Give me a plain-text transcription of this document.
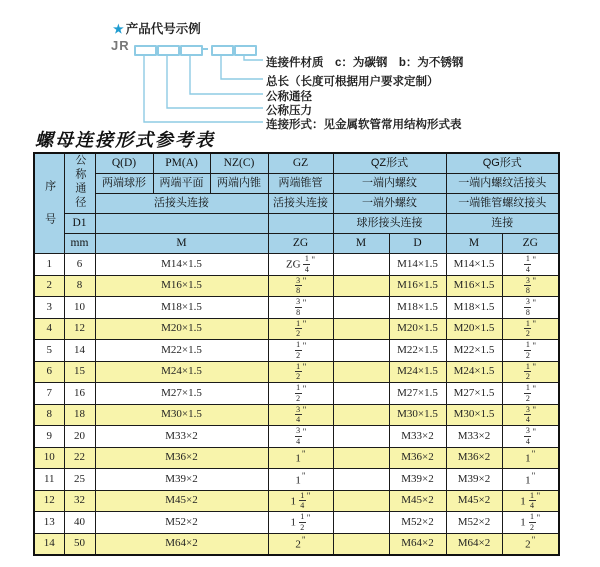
★ 产品代号示例
JR
连接件材质　c：为碳钢　b：为不锈钢
总长（长度可根据用户要求定制）
公称通径
公称压力
连接形式：见金属软管常用结构形式表
螺母连接形式参考表
序号	公称通径	Q(D)	PM(A)	NZ(C)	GZ	QZ形式		QG形式	
		两端球形	两端平面	两端内锥	两端锥管	一端内螺纹		一端内螺纹活接头	
		活接头连接			活接头连接	一端外螺纹		一端锥管螺纹接头	
	D1					球形接头连接		连接	
	mm	M			ZG	M	D	M	ZG
1	6	M14×1.5			ZG $\frac{1}{4} ^"$		M14×1.5	M14×1.5	$\frac{1}{4} ^"$
2	8	M16×1.5			$\frac{3}{8} ^"$		M16×1.5	M16×1.5	$\frac{3}{8} ^"$
3	10	M18×1.5			$\frac{3}{8} ^"$		M18×1.5	M18×1.5	$\frac{3}{8} ^"$
4	12	M20×1.5			$\frac{1}{2} ^"$		M20×1.5	M20×1.5	$\frac{1}{2} ^"$
5	14	M22×1.5			$\frac{1}{2} ^"$		M22×1.5	M22×1.5	$\frac{1}{2} ^"$
6	15	M24×1.5			$\frac{1}{2} ^"$		M24×1.5	M24×1.5	$\frac{1}{2} ^"$
7	16	M27×1.5			$\frac{1}{2} ^"$		M27×1.5	M27×1.5	$\frac{1}{2} ^"$
8	18	M30×1.5			$\frac{3}{4} ^"$		M30×1.5	M30×1.5	$\frac{3}{4} ^"$
9	20	M33×2			$\frac{3}{4} ^"$		M33×2	M33×2	$\frac{3}{4} ^"$
10	22	M36×2			1"		M36×2	M36×2	1"
11	25	M39×2			1"		M39×2	M39×2	1"
12	32	M45×2			$1 \frac{1}{4} ^"$		M45×2	M45×2	$1 \frac{1}{4} ^"$
13	40	M52×2			$1 \frac{1}{2} ^"$		M52×2	M52×2	$1 \frac{1}{2} ^"$
14	50	M64×2			2"		M64×2	M64×2	2"
